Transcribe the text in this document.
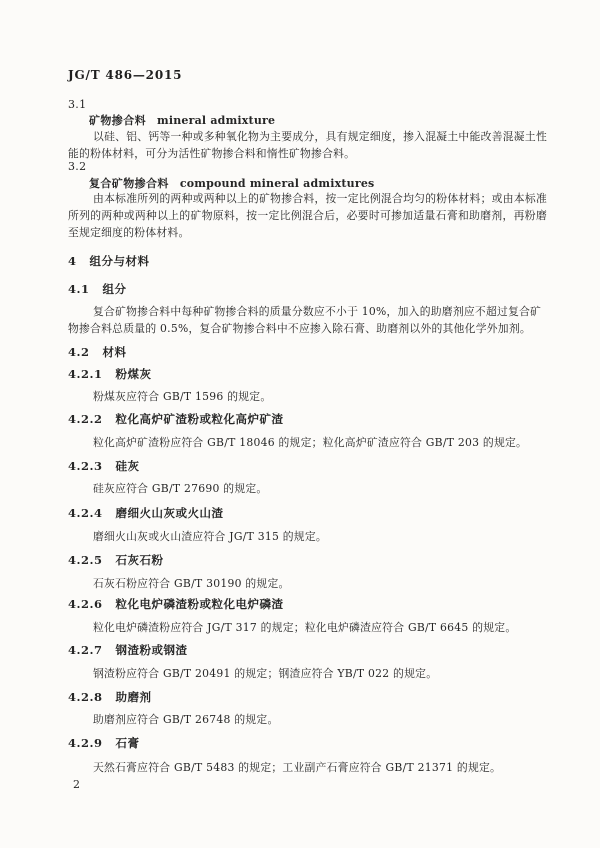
JG/T 486—2015
3.1
矿物掺合料 mineral admixture
以硅、铝、钙等一种或多种氧化物为主要成分，具有规定细度，掺入混凝土中能改善混凝土性能的粉体材料，可分为活性矿物掺合料和惰性矿物掺合料。
3.2
复合矿物掺合料 compound mineral admixtures
由本标准所列的两种或两种以上的矿物掺合料，按一定比例混合均匀的粉体材料；或由本标准所列的两种或两种以上的矿物原料，按一定比例混合后，必要时可掺加适量石膏和助磨剂，再粉磨至规定细度的粉体材料。
4 组分与材料
4.1 组分
复合矿物掺合料中每种矿物掺合料的质量分数应不小于 10%，加入的助磨剂应不超过复合矿物掺合料总质量的 0.5%，复合矿物掺合料中不应掺入除石膏、助磨剂以外的其他化学外加剂。
4.2 材料
4.2.1 粉煤灰
粉煤灰应符合 GB/T 1596 的规定。
4.2.2 粒化高炉矿渣粉或粒化高炉矿渣
粒化高炉矿渣粉应符合 GB/T 18046 的规定；粒化高炉矿渣应符合 GB/T 203 的规定。
4.2.3 硅灰
硅灰应符合 GB/T 27690 的规定。
4.2.4 磨细火山灰或火山渣
磨细火山灰或火山渣应符合 JG/T 315 的规定。
4.2.5 石灰石粉
石灰石粉应符合 GB/T 30190 的规定。
4.2.6 粒化电炉磷渣粉或粒化电炉磷渣
粒化电炉磷渣粉应符合 JG/T 317 的规定；粒化电炉磷渣应符合 GB/T 6645 的规定。
4.2.7 钢渣粉或钢渣
钢渣粉应符合 GB/T 20491 的规定；钢渣应符合 YB/T 022 的规定。
4.2.8 助磨剂
助磨剂应符合 GB/T 26748 的规定。
4.2.9 石膏
天然石膏应符合 GB/T 5483 的规定；工业副产石膏应符合 GB/T 21371 的规定。
2
